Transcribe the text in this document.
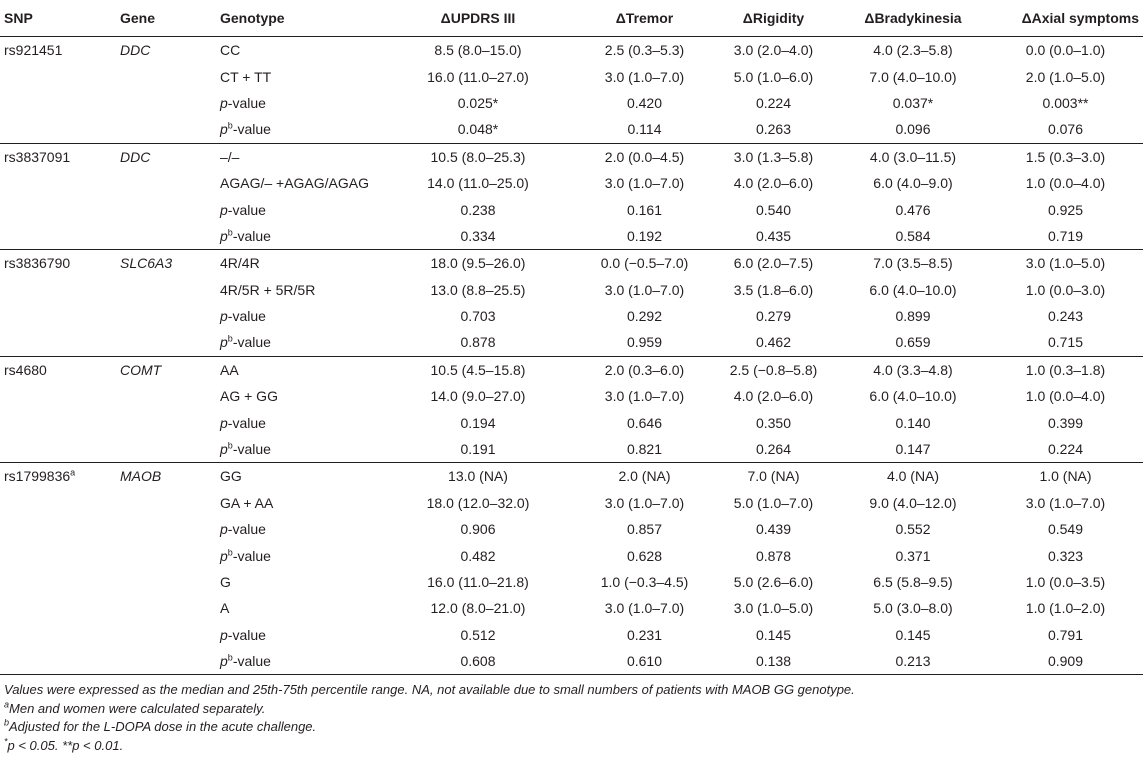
SNP	Gene	Genotype	ΔUPDRS III	ΔTremor	ΔRigidity	ΔBradykinesia	ΔAxial symptoms
rs921451	DDC	CC	8.5 (8.0–15.0)	2.5 (0.3–5.3)	3.0 (2.0–4.0)	4.0 (2.3–5.8)	0.0 (0.0–1.0)
		CT + TT	16.0 (11.0–27.0)	3.0 (1.0–7.0)	5.0 (1.0–6.0)	7.0 (4.0–10.0)	2.0 (1.0–5.0)
		p-value	0.025*	0.420	0.224	0.037*	0.003**
		$p^b$-value	0.048*	0.114	0.263	0.096	0.076
rs3837091	DDC	–/–	10.5 (8.0–25.3)	2.0 (0.0–4.5)	3.0 (1.3–5.8)	4.0 (3.0–11.5)	1.5 (0.3–3.0)
		AGAG/– +AGAG/AGAG	14.0 (11.0–25.0)	3.0 (1.0–7.0)	4.0 (2.0–6.0)	6.0 (4.0–9.0)	1.0 (0.0–4.0)
		p-value	0.238	0.161	0.540	0.476	0.925
		$p^b$-value	0.334	0.192	0.435	0.584	0.719
rs3836790	SLC6A3	4R/4R	18.0 (9.5–26.0)	0.0 (−0.5–7.0)	6.0 (2.0–7.5)	7.0 (3.5–8.5)	3.0 (1.0–5.0)
		4R/5R + 5R/5R	13.0 (8.8–25.5)	3.0 (1.0–7.0)	3.5 (1.8–6.0)	6.0 (4.0–10.0)	1.0 (0.0–3.0)
		p-value	0.703	0.292	0.279	0.899	0.243
		$p^b$-value	0.878	0.959	0.462	0.659	0.715
rs4680	COMT	AA	10.5 (4.5–15.8)	2.0 (0.3–6.0)	2.5 (−0.8–5.8)	4.0 (3.3–4.8)	1.0 (0.3–1.8)
		AG + GG	14.0 (9.0–27.0)	3.0 (1.0–7.0)	4.0 (2.0–6.0)	6.0 (4.0–10.0)	1.0 (0.0–4.0)
		p-value	0.194	0.646	0.350	0.140	0.399
		$p^b$-value	0.191	0.821	0.264	0.147	0.224
rs1799836$^a$	MAOB	GG	13.0 (NA)	2.0 (NA)	7.0 (NA)	4.0 (NA)	1.0 (NA)
		GA + AA	18.0 (12.0–32.0)	3.0 (1.0–7.0)	5.0 (1.0–7.0)	9.0 (4.0–12.0)	3.0 (1.0–7.0)
		p-value	0.906	0.857	0.439	0.552	0.549
		$p^b$-value	0.482	0.628	0.878	0.371	0.323
		G	16.0 (11.0–21.8)	1.0 (−0.3–4.5)	5.0 (2.6–6.0)	6.5 (5.8–9.5)	1.0 (0.0–3.5)
		A	12.0 (8.0–21.0)	3.0 (1.0–7.0)	3.0 (1.0–5.0)	5.0 (3.0–8.0)	1.0 (1.0–2.0)
		p-value	0.512	0.231	0.145	0.145	0.791
		$p^b$-value	0.608	0.610	0.138	0.213	0.909
Values were expressed as the median and 25th-75th percentile range. NA, not available due to small numbers of patients with MAOB GG genotype.
$^a$Men and women were calculated separately.
$^b$Adjusted for the L-DOPA dose in the acute challenge.
*p < 0.05. **p < 0.01.
